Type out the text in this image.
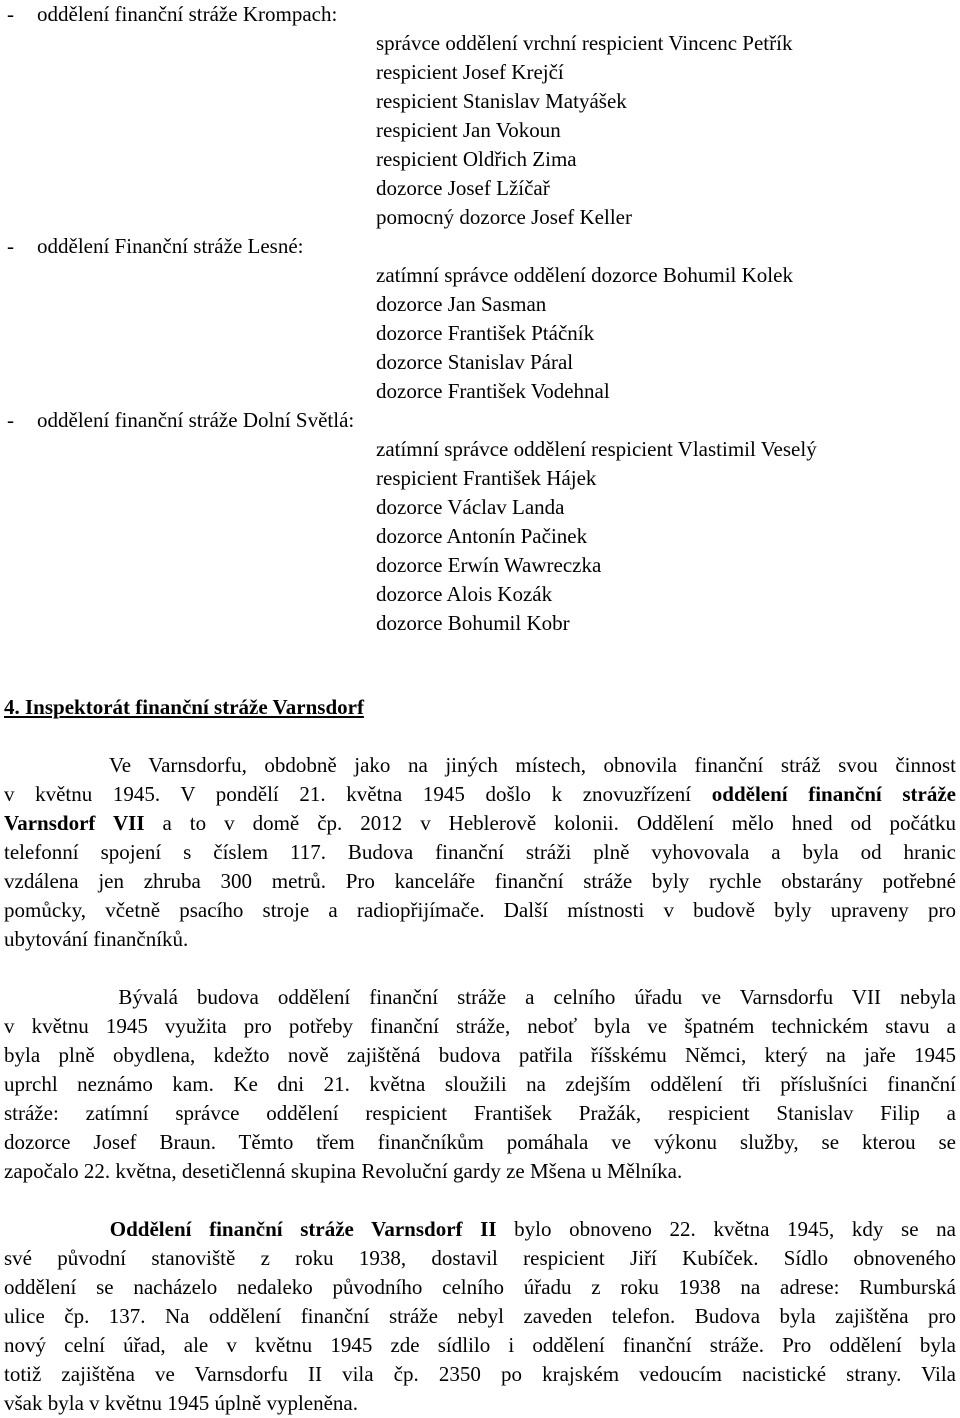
- oddělení finanční stráže Krompach:
správce oddělení vrchní respicient Vincenc Petřík
respicient Josef Krejčí
respicient Stanislav Matyášek
respicient Jan Vokoun
respicient Oldřich Zima
dozorce Josef Lžíčař
pomocný dozorce Josef Keller
- oddělení Finanční stráže Lesné:
zatímní správce oddělení dozorce Bohumil Kolek
dozorce Jan Sasman
dozorce František Ptáčník
dozorce Stanislav Páral
dozorce František Vodehnal
- oddělení finanční stráže Dolní Světlá:
zatímní správce oddělení respicient Vlastimil Veselý
respicient František Hájek
dozorce Václav Landa
dozorce Antonín Pačinek
dozorce Erwín Wawreczka
dozorce Alois Kozák
dozorce Bohumil Kobr
4. Inspektorát finanční stráže Varnsdorf
Ve Varnsdorfu, obdobně jako na jiných místech, obnovila finanční stráž svou činnost
v květnu 1945. V pondělí 21. května 1945 došlo k znovuzřízení oddělení finanční stráže
Varnsdorf VII a to v domě čp. 2012 v Heblerově kolonii. Oddělení mělo hned od počátku
telefonní spojení s číslem 117. Budova finanční stráži plně vyhovovala a byla od hranic
vzdálena jen zhruba 300 metrů. Pro kanceláře finanční stráže byly rychle obstarány potřebné
pomůcky, včetně psacího stroje a radiopřijímače. Další místnosti v budově byly upraveny pro
ubytování finančníků.
Bývalá budova oddělení finanční stráže a celního úřadu ve Varnsdorfu VII nebyla
v květnu 1945 využita pro potřeby finanční stráže, neboť byla ve špatném technickém stavu a
byla plně obydlena, kdežto nově zajištěná budova patřila říšskému Němci, který na jaře 1945
uprchl neznámo kam. Ke dni 21. května sloužili na zdejším oddělení tři příslušníci finanční
stráže: zatímní správce oddělení respicient František Pražák, respicient Stanislav Filip a
dozorce Josef Braun. Těmto třem finančníkům pomáhala ve výkonu služby, se kterou se
započalo 22. května, desetičlenná skupina Revoluční gardy ze Mšena u Mělníka.
Oddělení finanční stráže Varnsdorf II bylo obnoveno 22. května 1945, kdy se na
své původní stanoviště z roku 1938, dostavil respicient Jiří Kubíček. Sídlo obnoveného
oddělení se nacházelo nedaleko původního celního úřadu z roku 1938 na adrese: Rumburská
ulice čp. 137. Na oddělení finanční stráže nebyl zaveden telefon. Budova byla zajištěna pro
nový celní úřad, ale v květnu 1945 zde sídlilo i oddělení finanční stráže. Pro oddělení byla
totiž zajištěna ve Varnsdorfu II vila čp. 2350 po krajském vedoucím nacistické strany. Vila
však byla v květnu 1945 úplně vypleněna.
